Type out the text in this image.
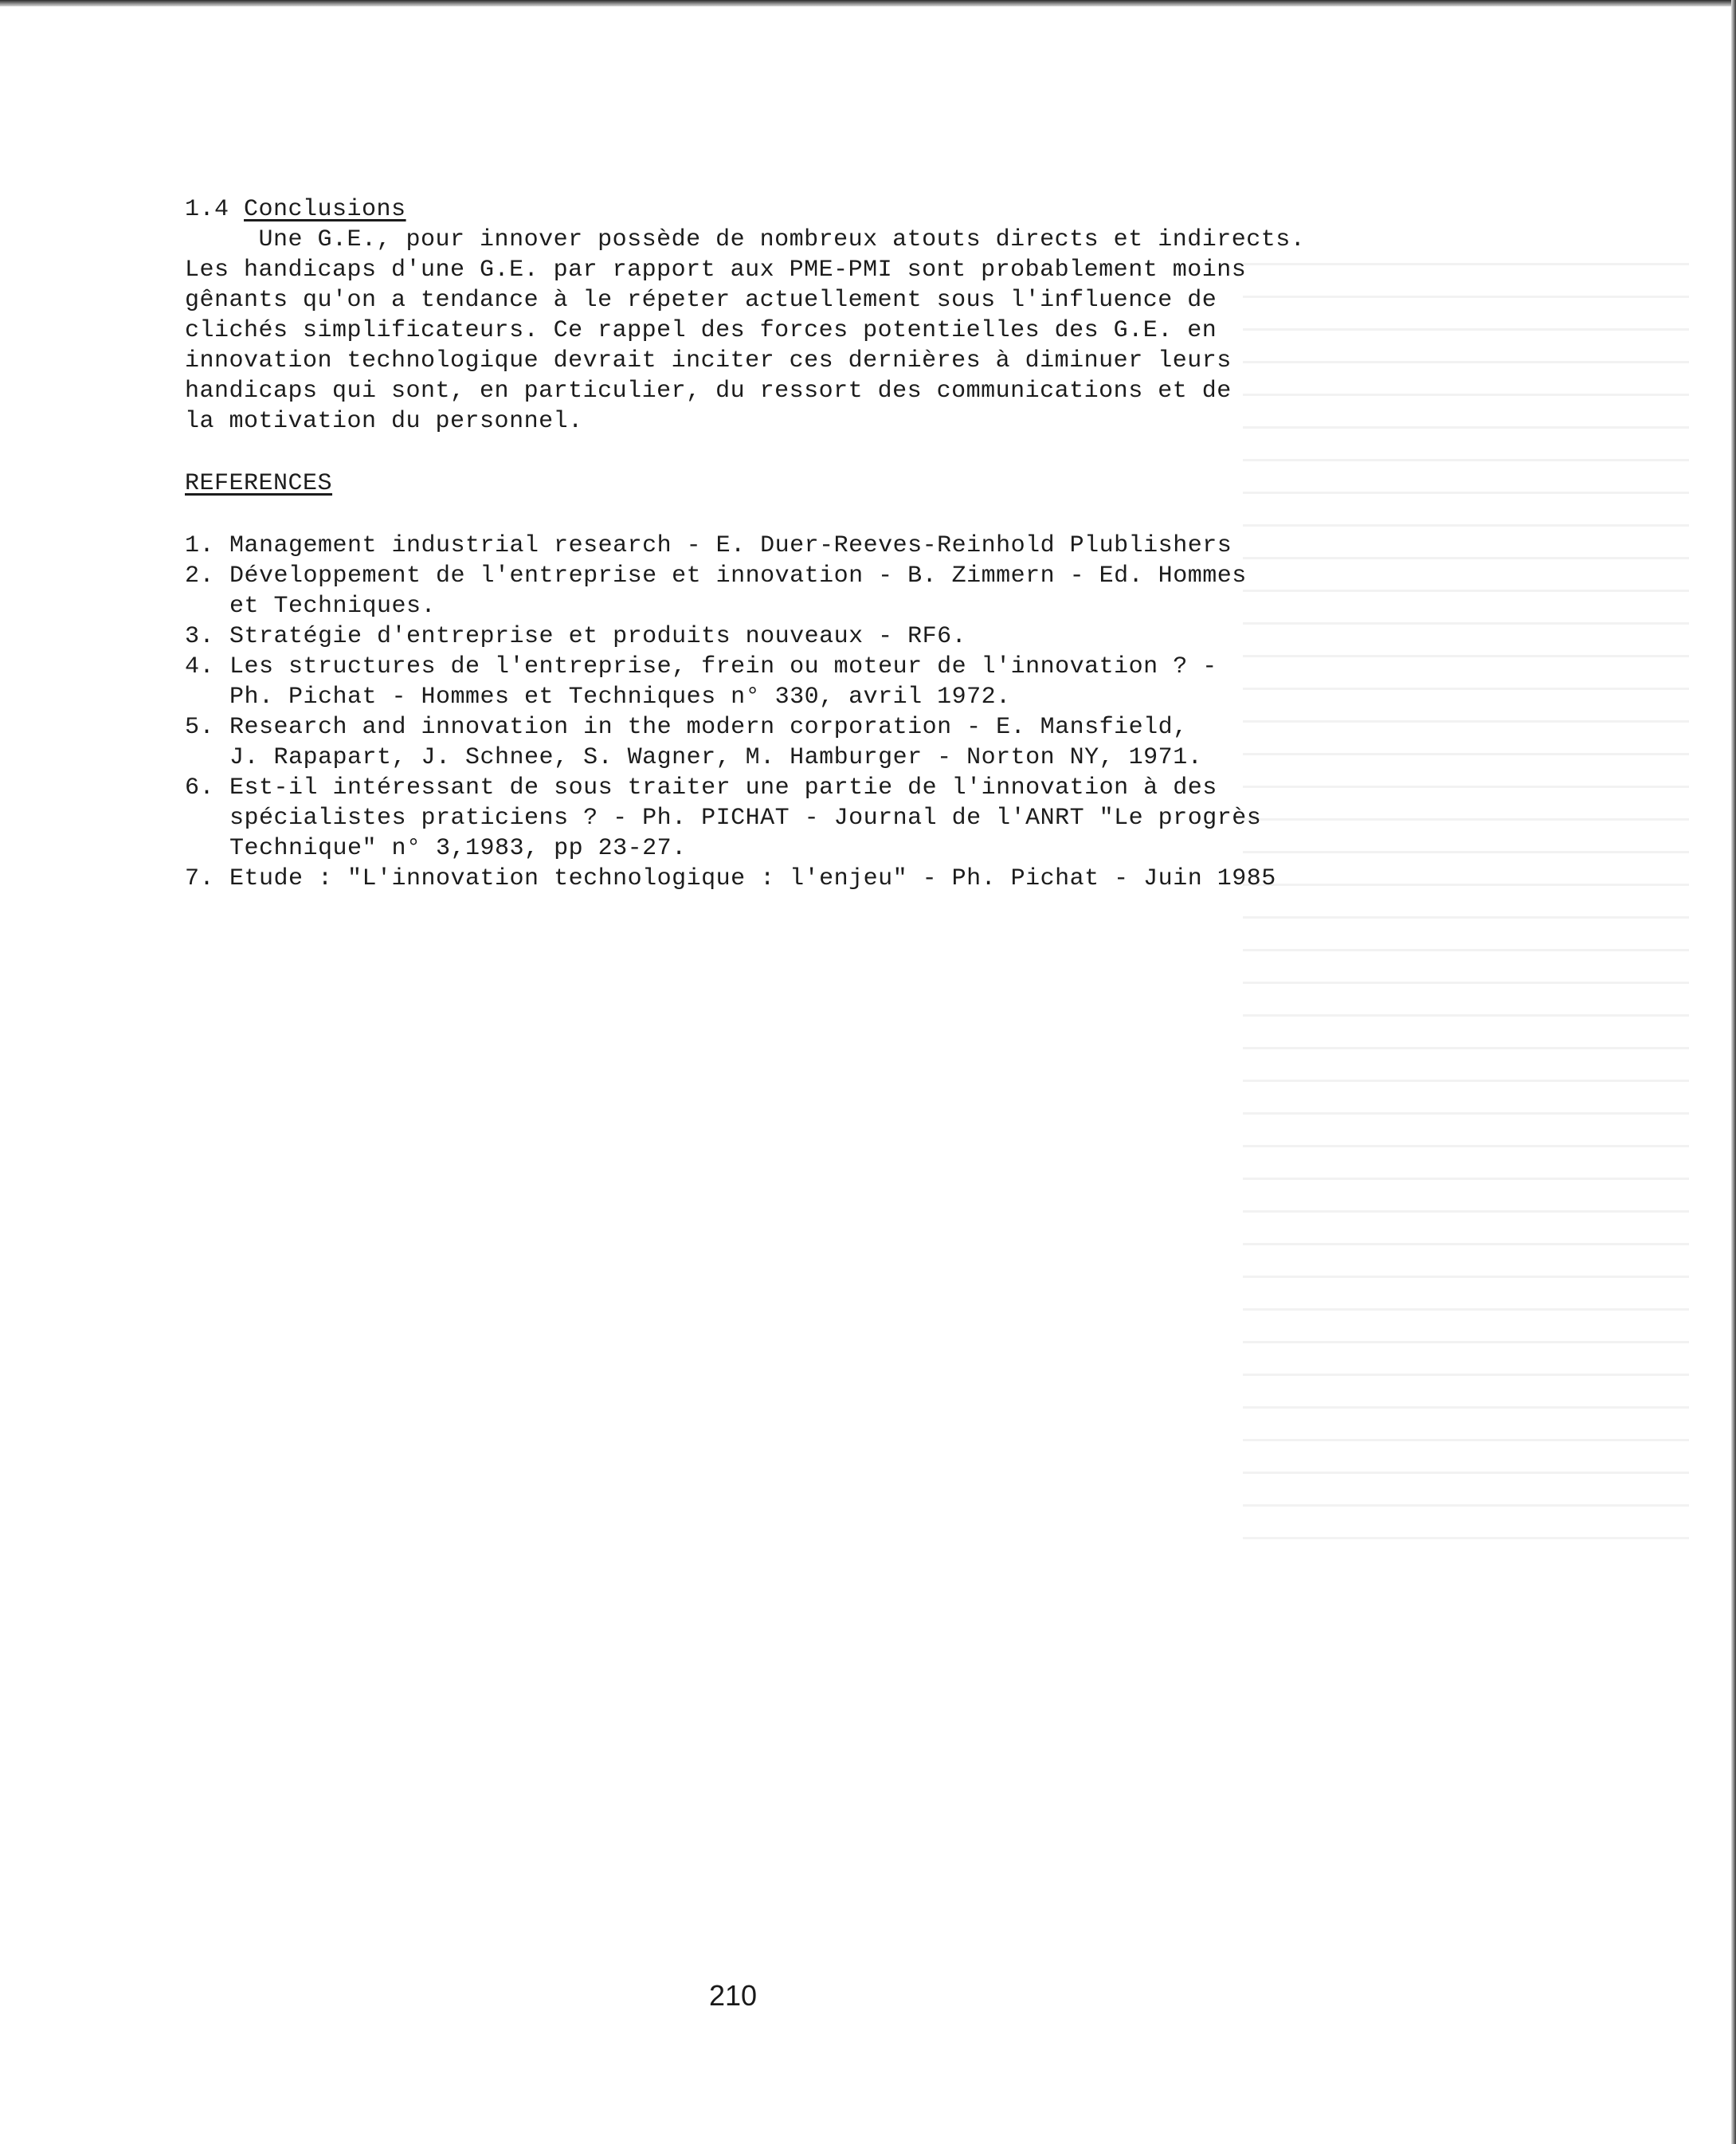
1.4 Conclusions

Une G.E., pour innover possède de nombreux atouts directs et indirects.

Les handicaps d'une G.E. par rapport aux PME-PMI sont probablement moins

gênants qu'on a tendance à le répeter actuellement sous l'influence de

clichés simplificateurs. Ce rappel des forces potentielles des G.E. en

innovation technologique devrait inciter ces dernières à diminuer leurs

handicaps qui sont, en particulier, du ressort des communications et de

la motivation du personnel.

REFERENCES
1. Management industrial research - E. Duer-Reeves-Reinhold Plublishers
2. Développement de l'entreprise et innovation - B. Zimmern - Ed. Hommes
et Techniques.
3. Stratégie d'entreprise et produits nouveaux - RF6.
4. Les structures de l'entreprise, frein ou moteur de l'innovation ? -
Ph. Pichat - Hommes et Techniques n° 330, avril 1972.
5. Research and innovation in the modern corporation - E. Mansfield,
J. Rapapart, J. Schnee, S. Wagner, M. Hamburger - Norton NY, 1971.
6. Est-il intéressant de sous traiter une partie de l'innovation à des
spécialistes praticiens ? - Ph. PICHAT - Journal de l'ANRT "Le progrès
Technique" n° 3,1983, pp 23-27.
7. Etude : "L'innovation technologique : l'enjeu" - Ph. Pichat - Juin 1985
210
